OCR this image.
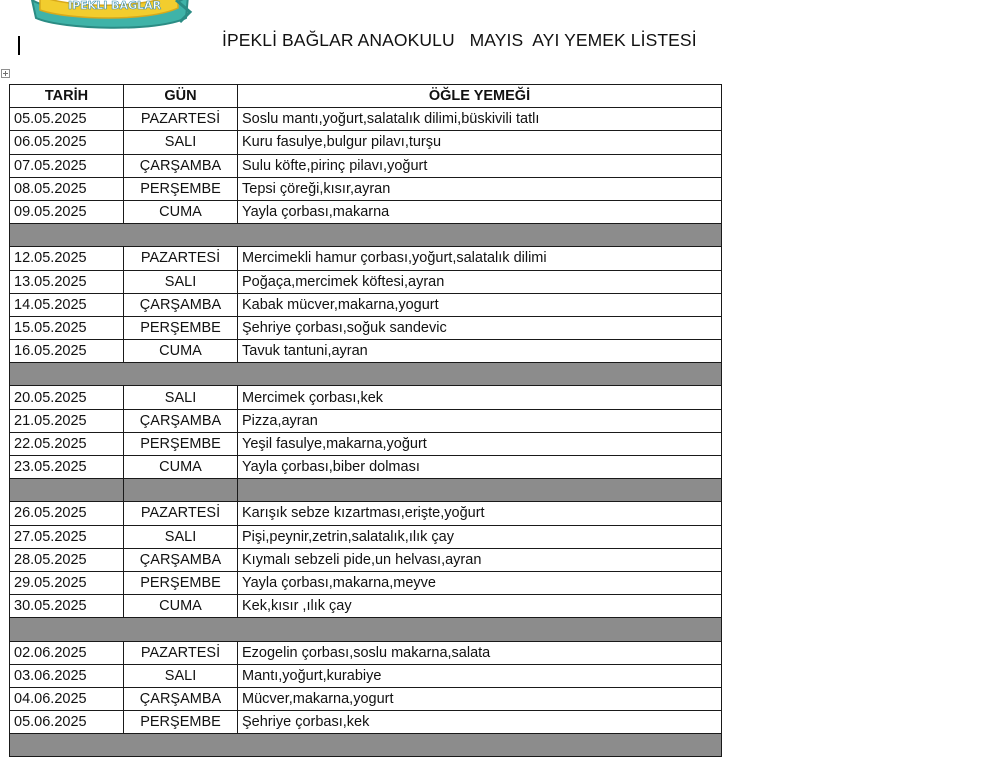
IPEKLI BAGLAR
İPEKLİ BAĞLAR ANAOKULU   MAYIS  AYI YEMEK LİSTESİ
TARİH	GÜN	ÖĞLE YEMEĞİ
05.05.2025	PAZARTESİ	Soslu mantı,yoğurt,salatalık dilimi,büskivili tatlı
06.05.2025	SALI	Kuru fasulye,bulgur pilavı,turşu
07.05.2025	ÇARŞAMBA	Sulu köfte,pirinç pilavı,yoğurt
08.05.2025	PERŞEMBE	Tepsi çöreği,kısır,ayran
09.05.2025	CUMA	Yayla çorbası,makarna

12.05.2025	PAZARTESİ	Mercimekli hamur çorbası,yoğurt,salatalık dilimi
13.05.2025	SALI	Poğaça,mercimek köftesi,ayran
14.05.2025	ÇARŞAMBA	Kabak mücver,makarna,yogurt
15.05.2025	PERŞEMBE	Şehriye çorbası,soğuk sandevic
16.05.2025	CUMA	Tavuk tantuni,ayran

20.05.2025	SALI	Mercimek çorbası,kek
21.05.2025	ÇARŞAMBA	Pizza,ayran
22.05.2025	PERŞEMBE	Yeşil fasulye,makarna,yoğurt
23.05.2025	CUMA	Yayla çorbası,biber dolması

26.05.2025	PAZARTESİ	Karışık sebze kızartması,erişte,yoğurt
27.05.2025	SALI	Pişi,peynir,zetrin,salatalık,ılık çay
28.05.2025	ÇARŞAMBA	Kıymalı sebzeli pide,un helvası,ayran
29.05.2025	PERŞEMBE	Yayla çorbası,makarna,meyve
30.05.2025	CUMA	Kek,kısır ,ılık çay

02.06.2025	PAZARTESİ	Ezogelin çorbası,soslu makarna,salata
03.06.2025	SALI	Mantı,yoğurt,kurabiye
04.06.2025	ÇARŞAMBA	Mücver,makarna,yogurt
05.06.2025	PERŞEMBE	Şehriye çorbası,kek
